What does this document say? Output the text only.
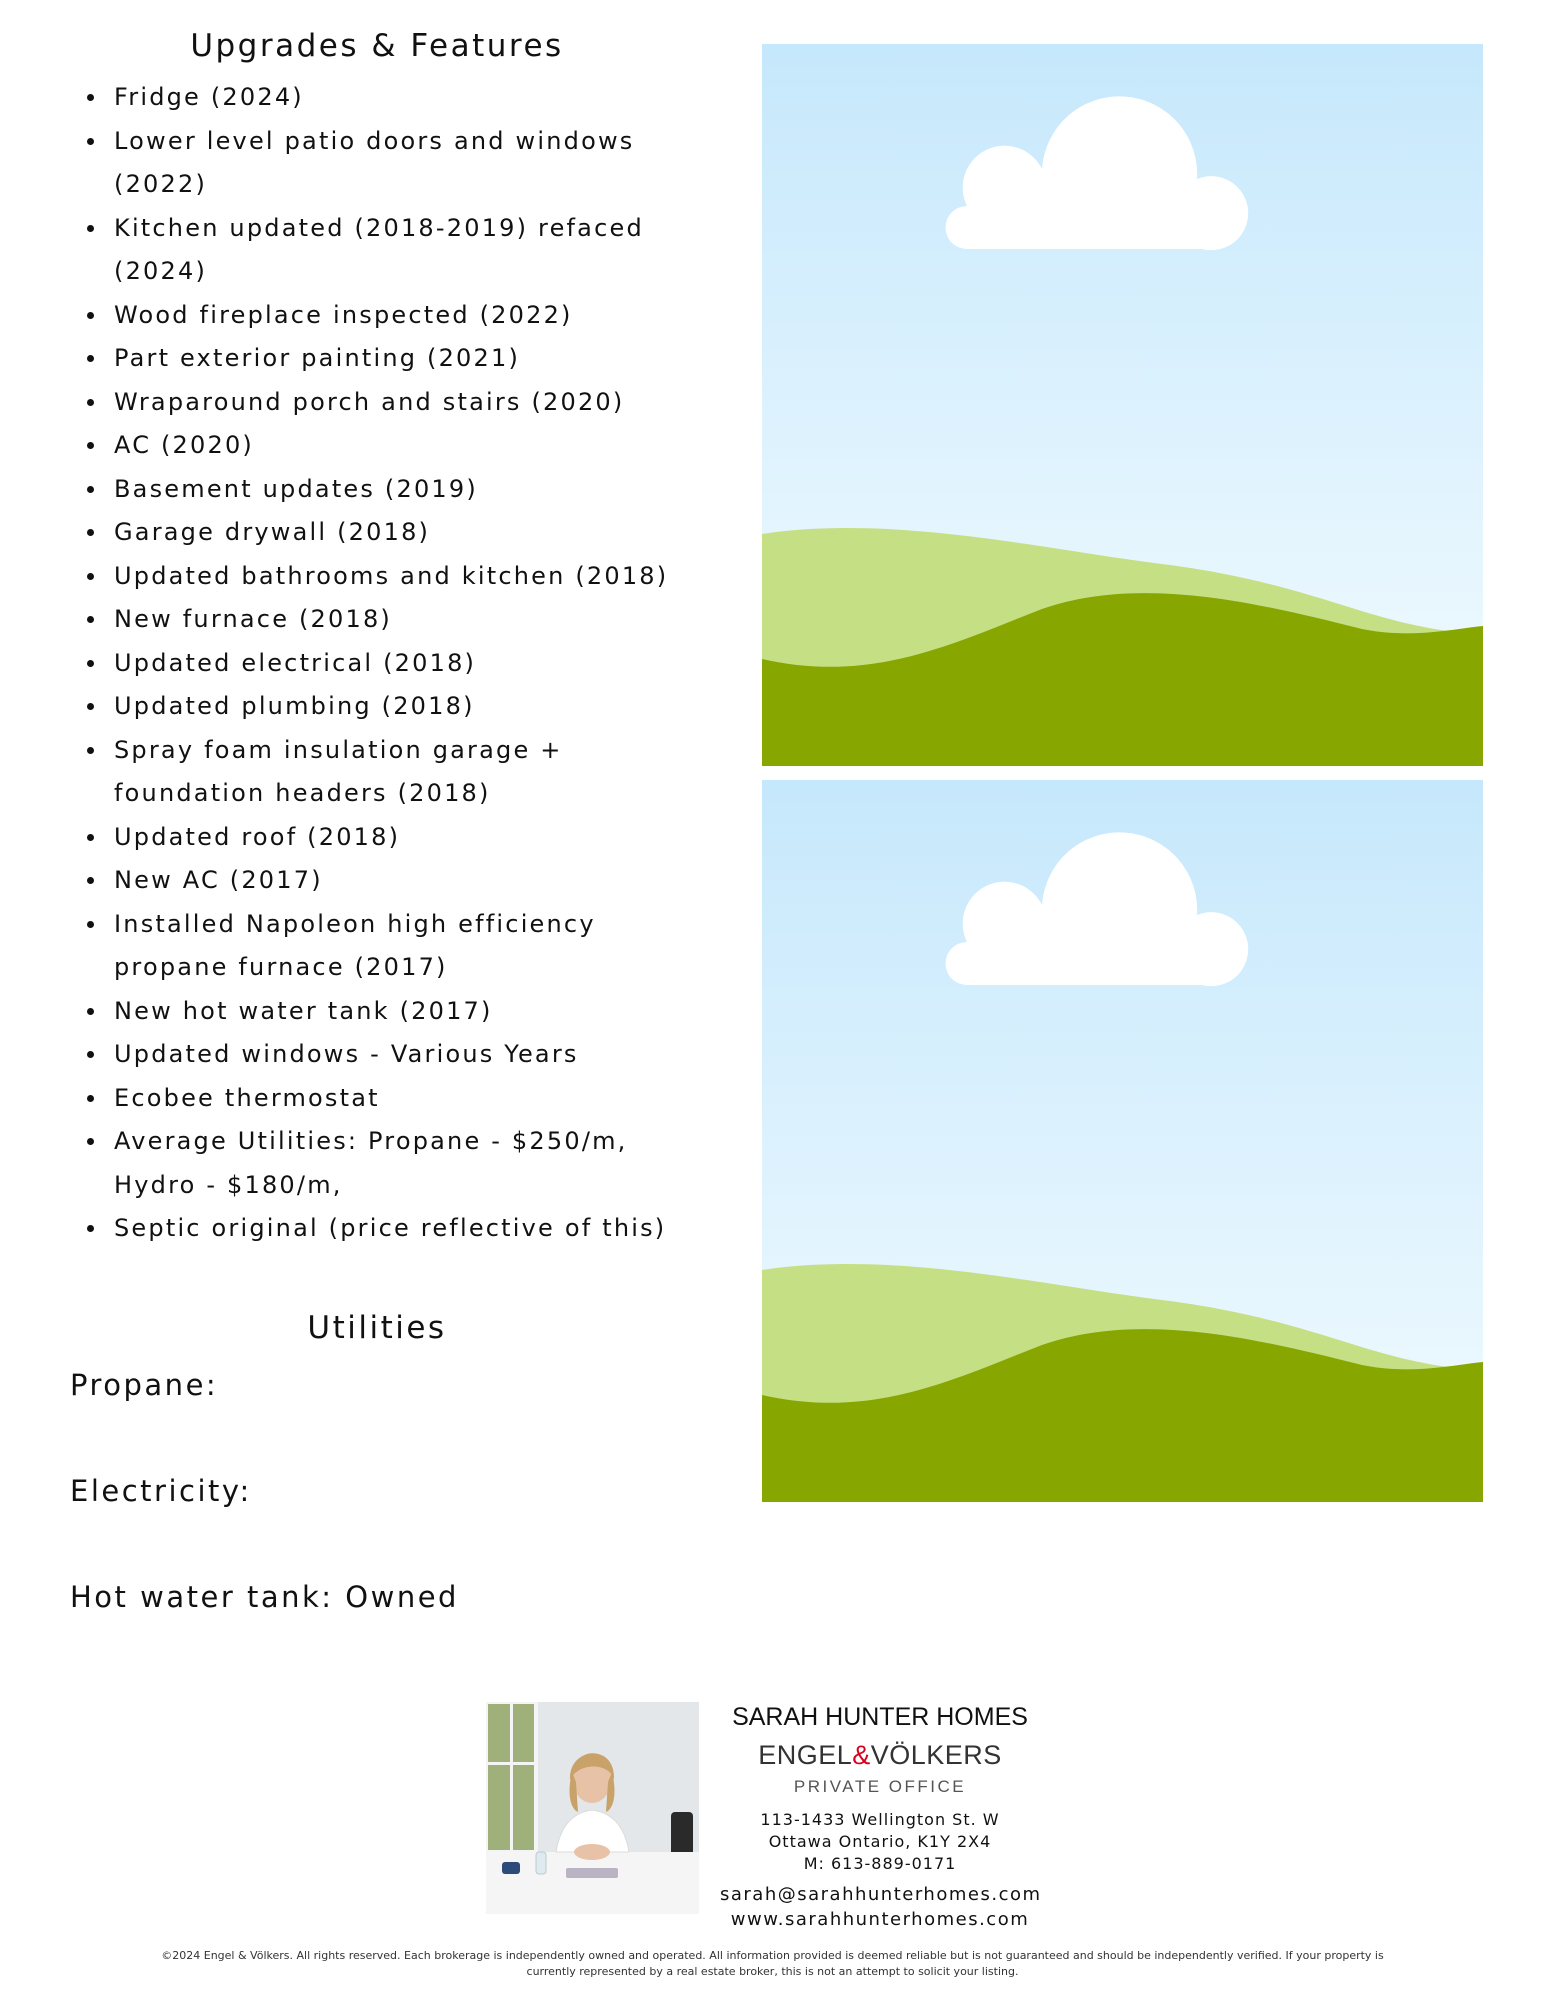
Upgrades & Features
Fridge (2024)
Lower level patio doors and windows (2022)
Kitchen updated (2018-2019) refaced (2024)
Wood fireplace inspected (2022)
Part exterior painting (2021)
Wraparound porch and stairs (2020)
AC (2020)
Basement updates (2019)
Garage drywall (2018)
Updated bathrooms and kitchen (2018)
New furnace (2018)
Updated electrical (2018)
Updated plumbing (2018)
Spray foam insulation garage + foundation headers (2018)
Updated roof (2018)
New AC (2017)
Installed Napoleon high efficiency propane furnace (2017)
New hot water tank (2017)
Updated windows - Various Years
Ecobee thermostat
Average Utilities: Propane - $250/m, Hydro - $180/m,
Septic original (price reflective of this)
Utilities
Propane:
Electricity:
Hot water tank: Owned
SARAH HUNTER HOMES
ENGEL&VÖLKERS
PRIVATE OFFICE
113-1433 Wellington St. W
Ottawa Ontario, K1Y 2X4
M: 613-889-0171
sarah@sarahhunterhomes.com
www.sarahhunterhomes.com
©2024 Engel & Völkers. All rights reserved. Each brokerage is independently owned and operated. All information provided is deemed reliable but is not guaranteed and should be independently verified. If your property is currently represented by a real estate broker, this is not an attempt to solicit your listing.
